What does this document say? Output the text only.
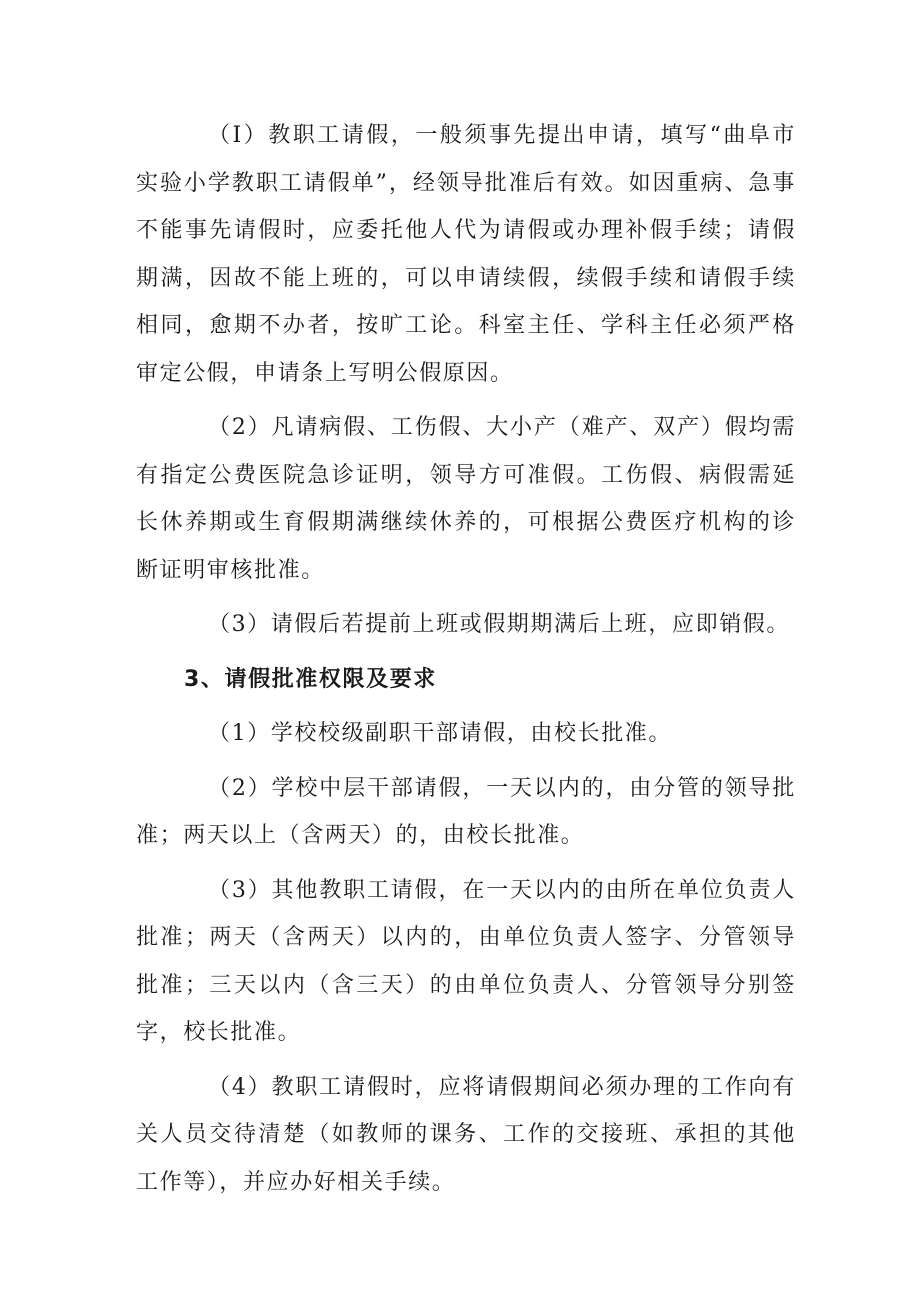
（I）教职工请假，一般须事先提出申请，填写“曲阜市实验小学教职工请假单”，经领导批准后有效。如因重病、急事不能事先请假时，应委托他人代为请假或办理补假手续；请假期满，因故不能上班的，可以申请续假，续假手续和请假手续相同，愈期不办者，按旷工论。科室主任、学科主任必须严格审定公假，申请条上写明公假原因。

（2）凡请病假、工伤假、大小产（难产、双产）假均需有指定公费医院急诊证明，领导方可准假。工伤假、病假需延长休养期或生育假期满继续休养的，可根据公费医疗机构的诊断证明审核批准。

（3）请假后若提前上班或假期期满后上班，应即销假。

3、请假批准权限及要求

（1）学校校级副职干部请假，由校长批准。

（2）学校中层干部请假，一天以内的，由分管的领导批准；两天以上（含两天）的，由校长批准。

（3）其他教职工请假，在一天以内的由所在单位负责人批准；两天（含两天）以内的，由单位负责人签字、分管领导批准；三天以内（含三天）的由单位负责人、分管领导分别签字，校长批准。

（4）教职工请假时，应将请假期间必须办理的工作向有关人员交待清楚（如教师的课务、工作的交接班、承担的其他工作等），并应办好相关手续。
